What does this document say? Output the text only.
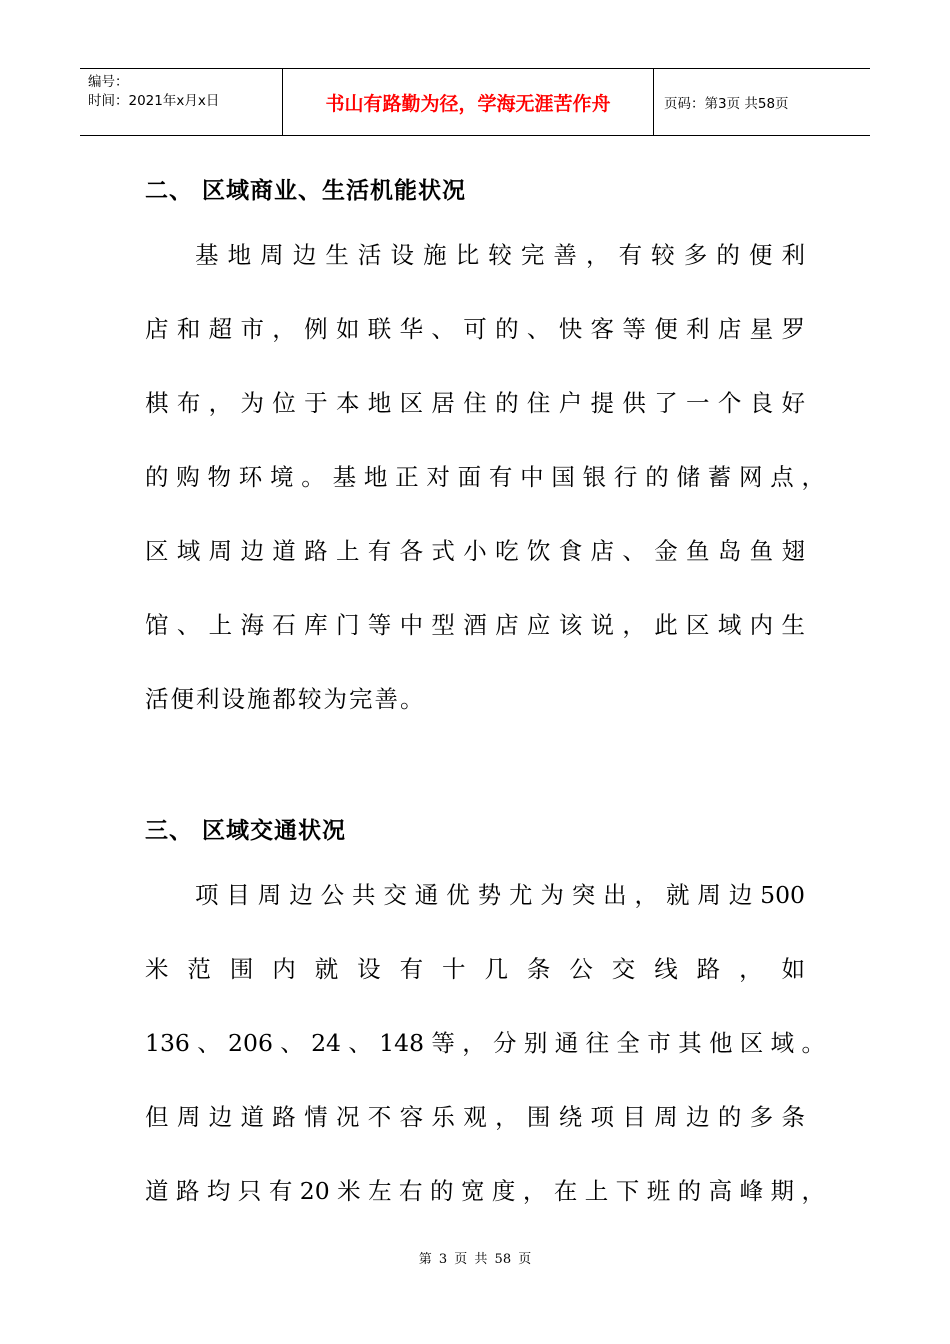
编号：
时间：2021年x月x日	书山有路勤为径，学海无涯苦作舟	页码：第3页 共58页
二、 区域商业、生活机能状况
基地周边生活设施比较完善，有较多的便利
店和超市，例如联华、可的、快客等便利店星罗
棋布，为位于本地区居住的住户提供了一个良好
的购物环境。基地正对面有中国银行的储蓄网点，
区域周边道路上有各式小吃饮食店、金鱼岛鱼翅
馆、上海石库门等中型酒店应该说，此区域内生
活便利设施都较为完善。
三、 区域交通状况
项目周边公共交通优势尤为突出，就周边500
米范围内就设有十几条公交线路，如
136、206、24、148等，分别通往全市其他区域。
但周边道路情况不容乐观，围绕项目周边的多条
道路均只有20米左右的宽度，在上下班的高峰期，
第 3 页 共 58 页
